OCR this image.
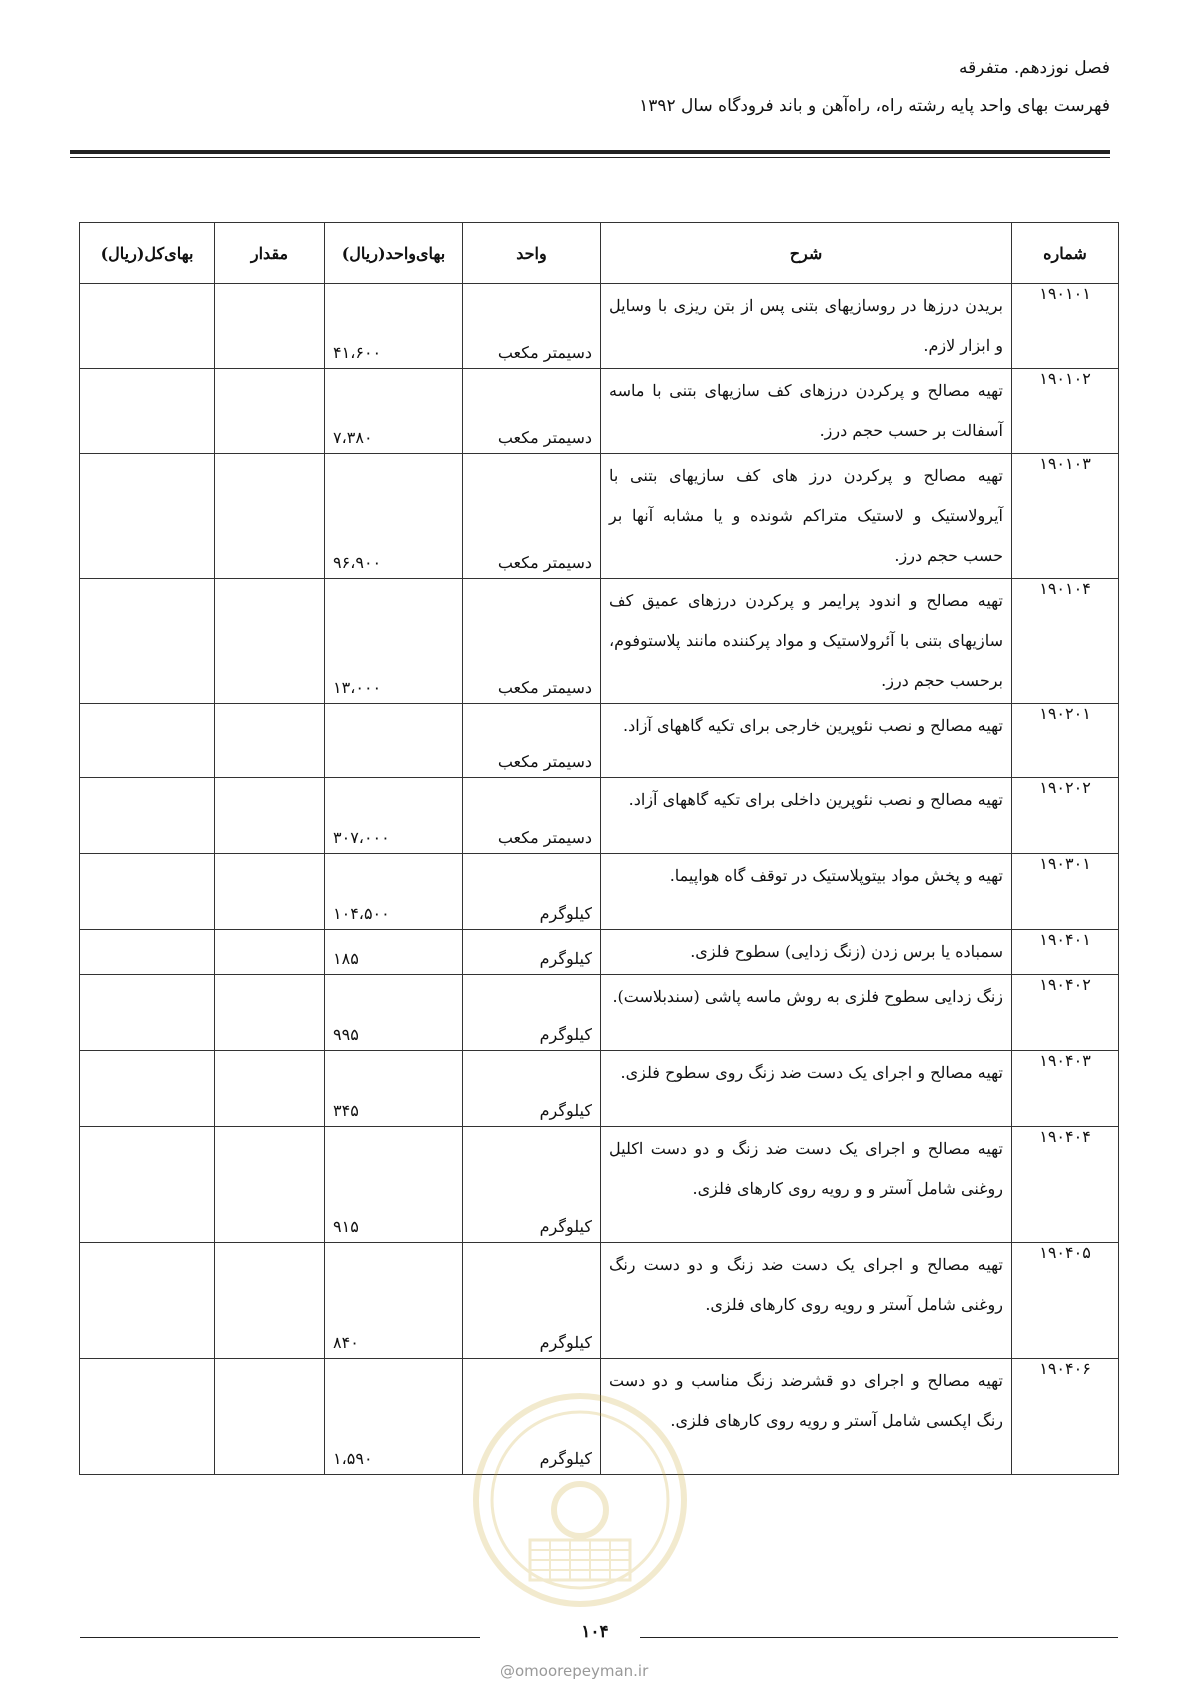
فصل نوزدهم. متفرقه
فهرست بهای واحد پایه رشته راه، راه‌آهن و باند فرودگاه سال ۱۳۹۲
شماره	شرح	واحد	بهای‌واحد(ریال)	مقدار	بهای‌کل(ریال)
۱۹۰۱۰۱	بریدن درزها در روسازیهای بتنی پس از بتن ریزی با وسایل و ابزار لازم.	دسیمتر مکعب	۴۱،۶۰۰		
۱۹۰۱۰۲	تهیه مصالح و پرکردن درزهای کف سازیهای بتنی با ماسه آسفالت بر حسب حجم درز.	دسیمتر مکعب	۷،۳۸۰		
۱۹۰۱۰۳	تهیه مصالح و پرکردن درز های کف سازیهای بتنی با آیرولاستیک و لاستیک متراکم شونده و یا مشابه آنها بر حسب حجم درز.	دسیمتر مکعب	۹۶،۹۰۰		
۱۹۰۱۰۴	تهیه مصالح و اندود پرایمر و پرکردن درزهای عمیق کف سازیهای بتنی با آئرولاستیک و مواد پرکننده مانند پلاستوفوم، برحسب حجم درز.	دسیمتر مکعب	۱۳،۰۰۰		
۱۹۰۲۰۱	تهیه مصالح و نصب نئوپرین خارجی برای تکیه گاههای آزاد.	دسیمتر مکعب			
۱۹۰۲۰۲	تهیه مصالح و نصب نئوپرین داخلی برای تکیه گاههای آزاد.	دسیمتر مکعب	۳۰۷،۰۰۰		
۱۹۰۳۰۱	تهیه و پخش مواد بیتوپلاستیک در توقف گاه هواپیما.	کیلوگرم	۱۰۴،۵۰۰		
۱۹۰۴۰۱	سمباده یا برس زدن (زنگ زدایی) سطوح فلزی.	کیلوگرم	۱۸۵		
۱۹۰۴۰۲	زنگ زدایی سطوح فلزی به روش ماسه پاشی (سندبلاست).	کیلوگرم	۹۹۵		
۱۹۰۴۰۳	تهیه مصالح و اجرای یک دست ضد زنگ روی سطوح فلزی.	کیلوگرم	۳۴۵		
۱۹۰۴۰۴	تهیه مصالح و اجرای یک دست ضد زنگ و دو دست اکلیل روغنی شامل آستر و و رویه روی کارهای فلزی.	کیلوگرم	۹۱۵		
۱۹۰۴۰۵	تهیه مصالح و اجرای یک دست ضد زنگ و دو دست رنگ روغنی شامل آستر و رویه روی کارهای فلزی.	کیلوگرم	۸۴۰		
۱۹۰۴۰۶	تهیه مصالح و اجرای دو قشرضد زنگ مناسب و دو دست رنگ اپکسی شامل آستر و رویه روی کارهای فلزی.	کیلوگرم	۱،۵۹۰		
۱۰۴
@omoorepeyman.ir
